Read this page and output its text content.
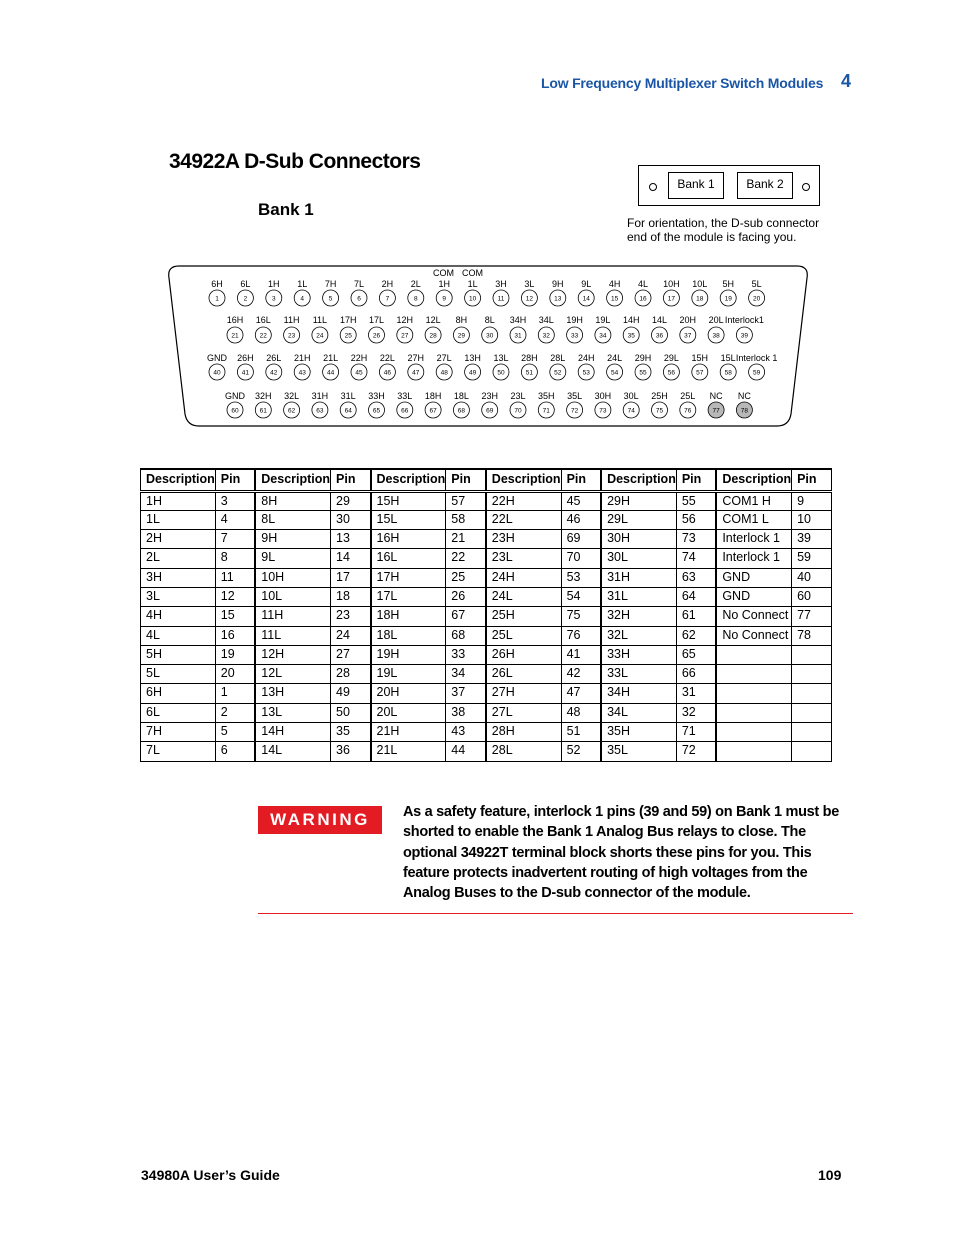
Low Frequency Multiplexer Switch Modules 4
34922A D-Sub Connectors
Bank 1
Bank 1	Bank 2
For orientation, the D-sub connector end of the module is facing you.
COM COM
6H
1
6L
2
1H
3
1L
4
7H
5
7L
6
2H
7
2L
8
1H
9
1L
10
3H
11
3L
12
9H
13
9L
14
4H
15
4L
16
10H
17
10L
18
5H
19
5L
20
16H
21
16L
22
11H
23
11L
24
17H
25
17L
26
12H
27
12L
28
8H
29
8L
30
34H
31
34L
32
19H
33
19L
34
14H
35
14L
36
20H
37
20L
38
Interlock1
39
GND
40
26H
41
26L
42
21H
43
21L
44
22H
45
22L
46
27H
47
27L
48
13H
49
13L
50
28H
51
28L
52
24H
53
24L
54
29H
55
29L
56
15H
57
15L
58
Interlock 1
59
GND
60
32H
61
32L
62
31H
63
31L
64
33H
65
33L
66
18H
67
18L
68
23H
69
23L
70
35H
71
35L
72
30H
73
30L
74
25H
75
25L
76
NC
77
NC
78
Description	Pin	Description	Pin	Description	Pin	Description	Pin	Description	Pin	Description	Pin
1H	3	8H	29	15H	57	22H	45	29H	55	COM1 H	9
1L	4	8L	30	15L	58	22L	46	29L	56	COM1 L	10
2H	7	9H	13	16H	21	23H	69	30H	73	Interlock 1	39
2L	8	9L	14	16L	22	23L	70	30L	74	Interlock 1	59
3H	11	10H	17	17H	25	24H	53	31H	63	GND	40
3L	12	10L	18	17L	26	24L	54	31L	64	GND	60
4H	15	11H	23	18H	67	25H	75	32H	61	No Connect	77
4L	16	11L	24	18L	68	25L	76	32L	62	No Connect	78
5H	19	12H	27	19H	33	26H	41	33H	65		
5L	20	12L	28	19L	34	26L	42	33L	66		
6H	1	13H	49	20H	37	27H	47	34H	31		
6L	2	13L	50	20L	38	27L	48	34L	32		
7H	5	14H	35	21H	43	28H	51	35H	71		
7L	6	14L	36	21L	44	28L	52	35L	72		
WARNING	As a safety feature, interlock 1 pins (39 and 59) on Bank 1 must be shorted to enable the Bank 1 Analog Bus relays to close. The optional 34922T terminal block shorts these pins for you. This feature protects inadvertent routing of high voltages from the Analog Buses to the D-sub connector of the module.
34980A User’s Guide	109
